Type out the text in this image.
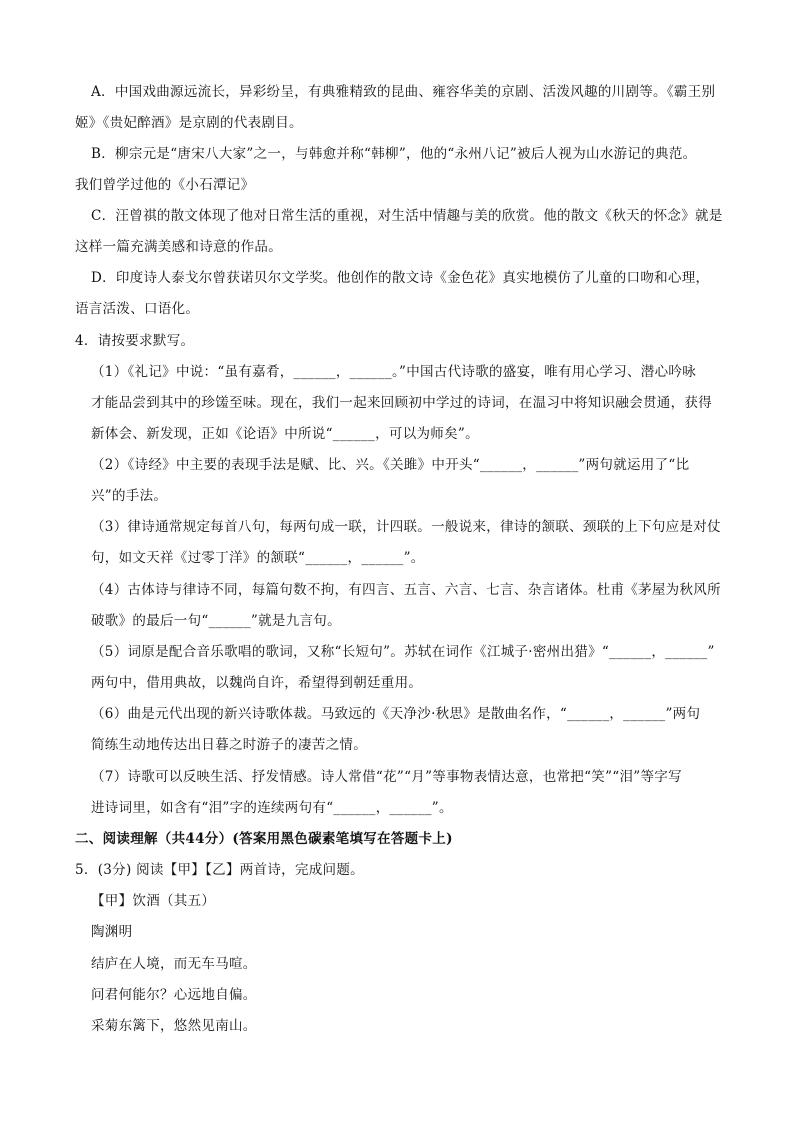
A．中国戏曲源远流长，异彩纷呈，有典雅精致的昆曲、雍容华美的京剧、活泼风趣的川剧等。《霸王别
姬》《贵妃醉酒》是京剧的代表剧目。
B．柳宗元是“唐宋八大家”之一，与韩愈并称“韩柳”，他的“永州八记”被后人视为山水游记的典范。
我们曾学过他的《小石潭记》
C．汪曾祺的散文体现了他对日常生活的重视，对生活中情趣与美的欣赏。他的散文《秋天的怀念》就是
这样一篇充满美感和诗意的作品。
D．印度诗人泰戈尔曾获诺贝尔文学奖。他创作的散文诗《金色花》真实地模仿了儿童的口吻和心理，
语言活泼、口语化。
4．请按要求默写。
（1）《礼记》中说：“虽有嘉肴，______，______。”中国古代诗歌的盛宴，唯有用心学习、潜心吟咏
才能品尝到其中的珍馐至味。现在，我们一起来回顾初中学过的诗词，在温习中将知识融会贯通，获得
新体会、新发现，正如《论语》中所说“______，可以为师矣”。
（2）《诗经》中主要的表现手法是赋、比、兴。《关雎》中开头“______，______”两句就运用了“比
兴”的手法。
（3）律诗通常规定每首八句，每两句成一联，计四联。一般说来，律诗的颔联、颈联的上下句应是对仗
句，如文天祥《过零丁洋》的颔联“______，______”。
（4）古体诗与律诗不同，每篇句数不拘，有四言、五言、六言、七言、杂言诸体。杜甫《茅屋为秋风所
破歌》的最后一句“______”就是九言句。
（5）词原是配合音乐歌唱的歌词，又称“长短句”。苏轼在词作《江城子·密州出猎》“______，______”
两句中，借用典故，以魏尚自许，希望得到朝廷重用。
（6）曲是元代出现的新兴诗歌体裁。马致远的《天净沙·秋思》是散曲名作，“______，______”两句
简练生动地传达出日暮之时游子的凄苦之情。
（7）诗歌可以反映生活、抒发情感。诗人常借“花”“月”等事物表情达意，也常把“笑”“泪”等字写
进诗词里，如含有“泪”字的连续两句有“______，______”。
二、阅读理解（共44分）(答案用黑色碳素笔填写在答题卡上)
5．(3分) 阅读【甲】【乙】两首诗，完成问题。
【甲】饮酒（其五）
陶渊明
结庐在人境，而无车马喧。
问君何能尔？心远地自偏。
采菊东篱下，悠然见南山。
